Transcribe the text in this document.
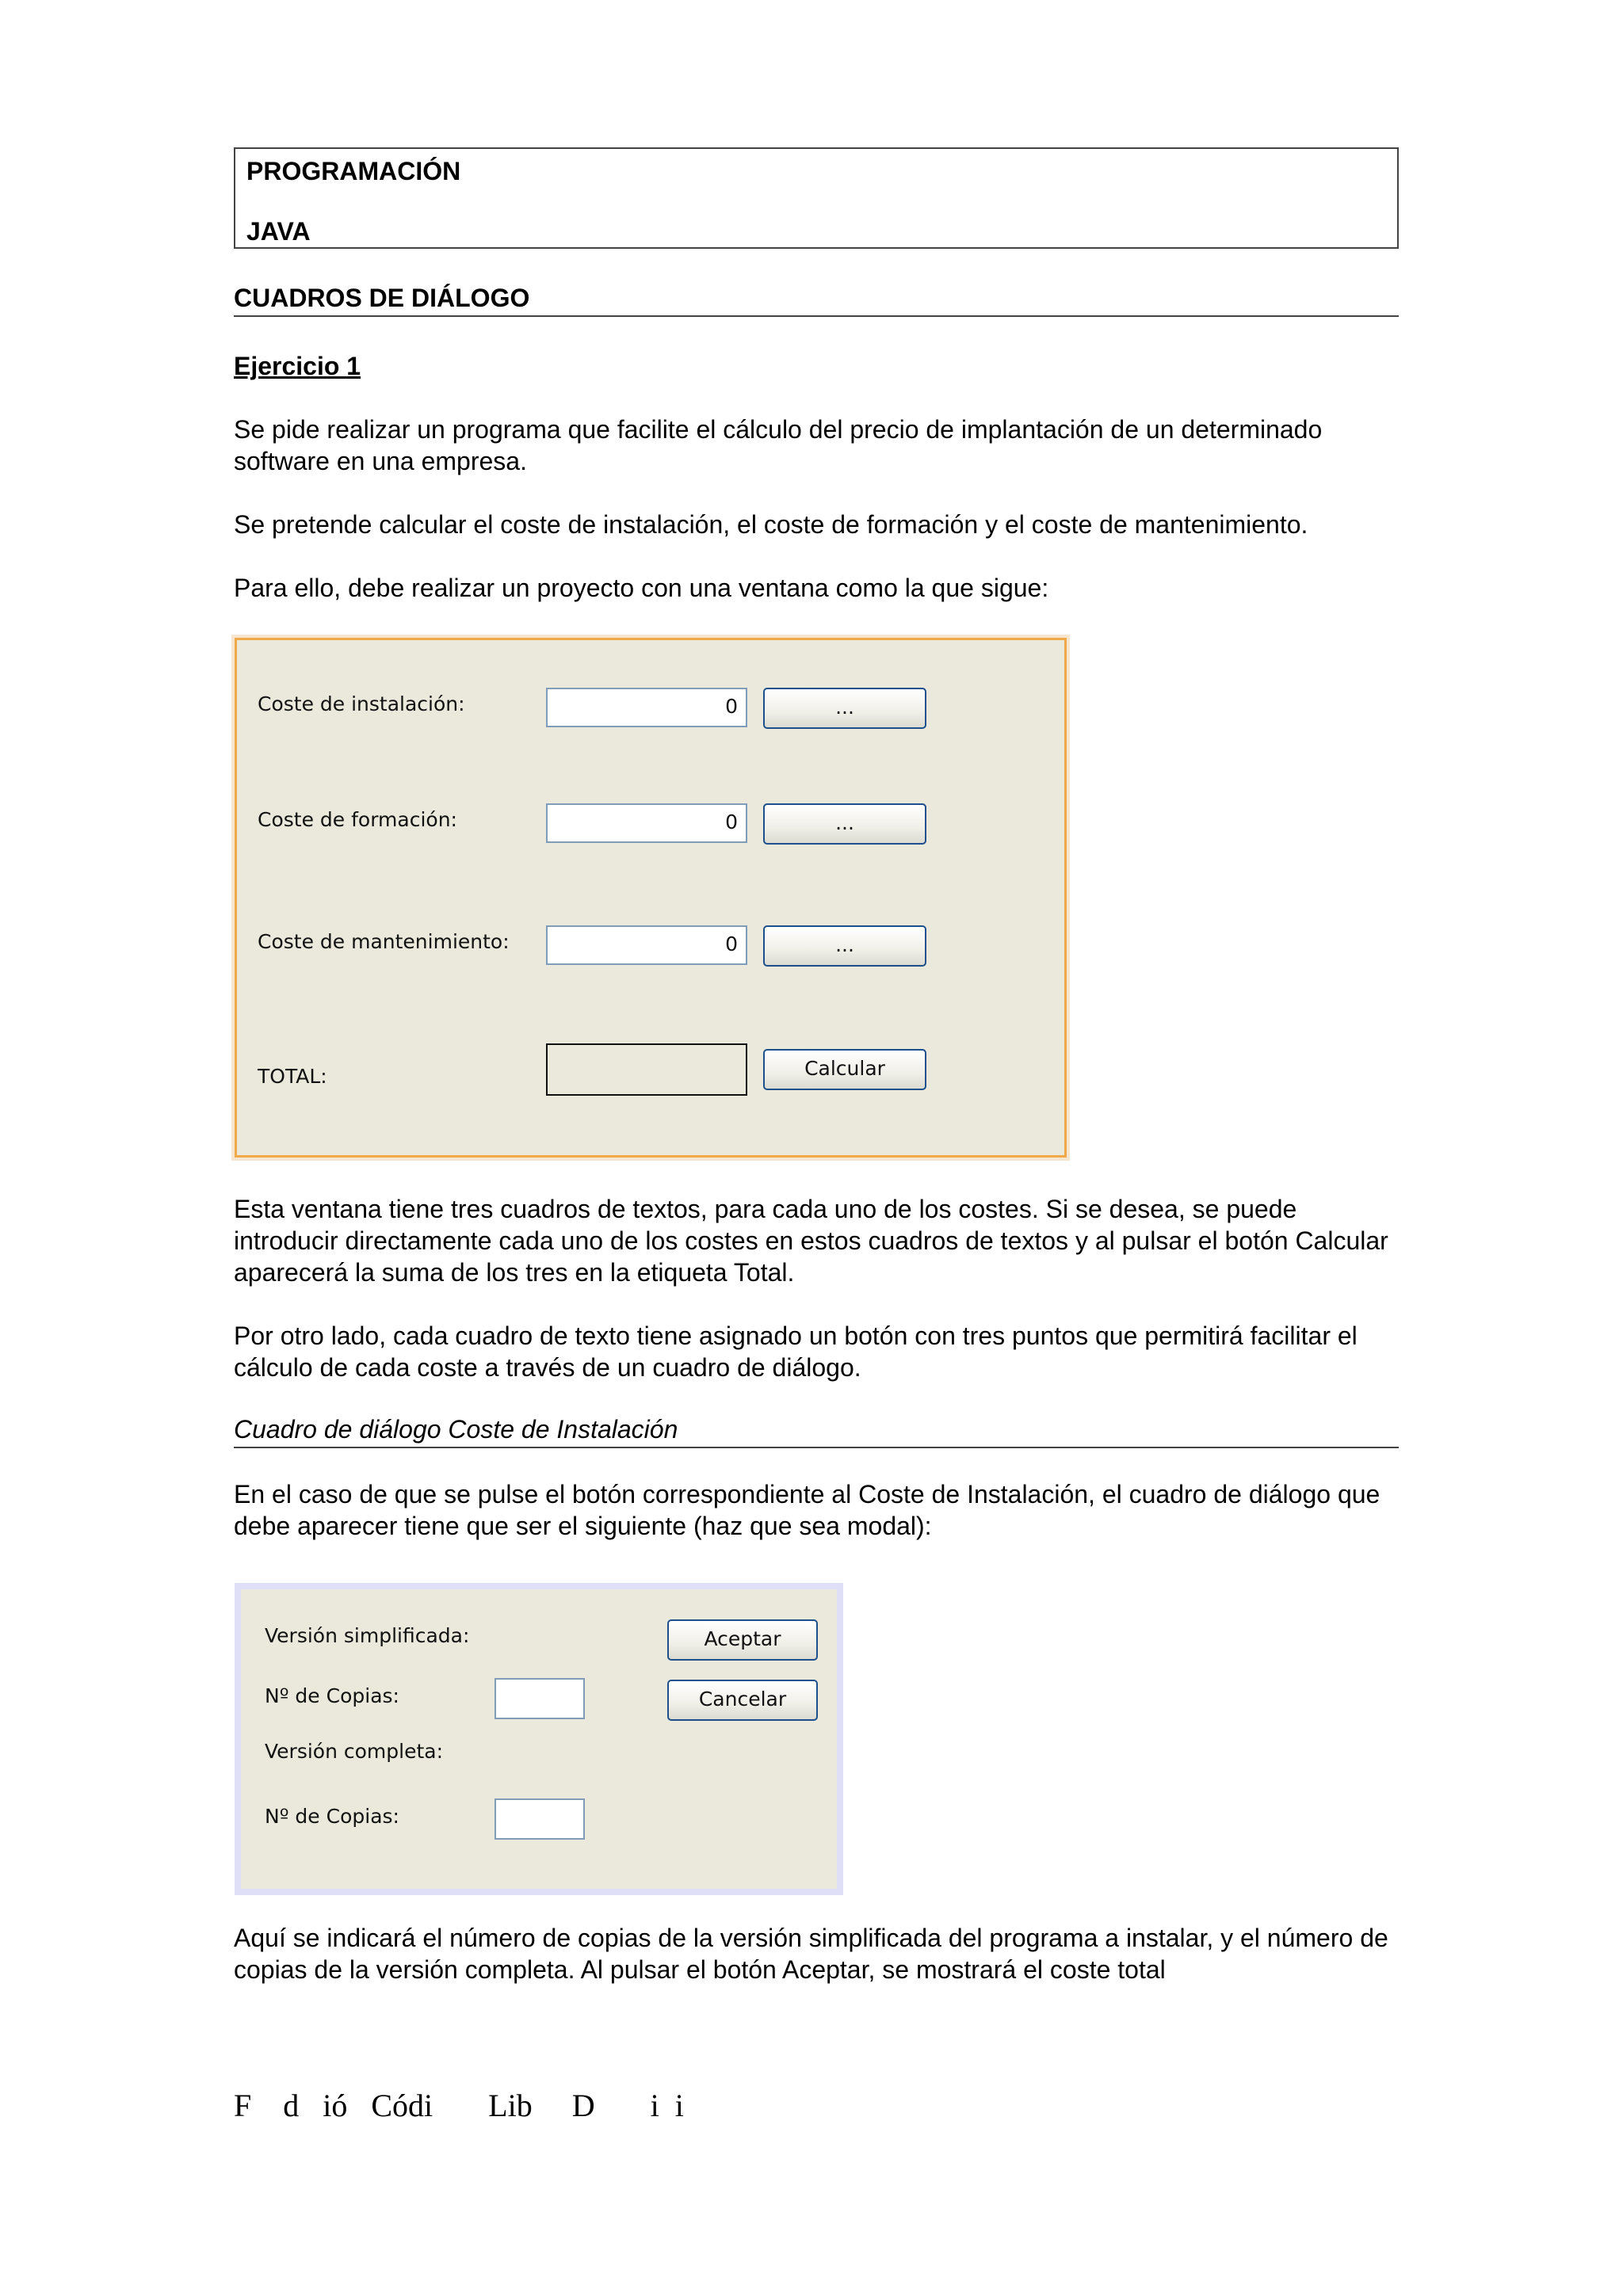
PROGRAMACIÓN

JAVA

CUADROS DE DIÁLOGO

Ejercicio 1

Se pide realizar un programa que facilite el cálculo del precio de implantación de un determinado software en una empresa.

Se pretende calcular el coste de instalación, el coste de formación y el coste de mantenimiento.

Para ello, debe realizar un proyecto con una ventana como la que sigue:

Coste de instalación:	0	...
Coste de formación:	0	...
Coste de mantenimiento:	0	...
TOTAL:	Calcular

Esta ventana tiene tres cuadros de textos, para cada uno de los costes. Si se desea, se puede introducir directamente cada uno de los costes en estos cuadros de textos y al pulsar el botón Calcular aparecerá la suma de los tres en la etiqueta Total.

Por otro lado, cada cuadro de texto tiene asignado un botón con tres puntos que permitirá facilitar el cálculo de cada coste a través de un cuadro de diálogo.

Cuadro de diálogo Coste de Instalación

En el caso de que se pulse el botón correspondiente al Coste de Instalación, el cuadro de diálogo que debe aparecer tiene que ser el siguiente (haz que sea modal):

Versión simplificada:	Aceptar
Nº de Copias:	Cancelar
Versión completa:
Nº de Copias:

Aquí se indicará el número de copias de la versión simplificada del programa a instalar, y el número de copias de la versión completa. Al pulsar el botón Aceptar, se mostrará el coste total

F    d   ió   Códi       Lib     D       i  i
